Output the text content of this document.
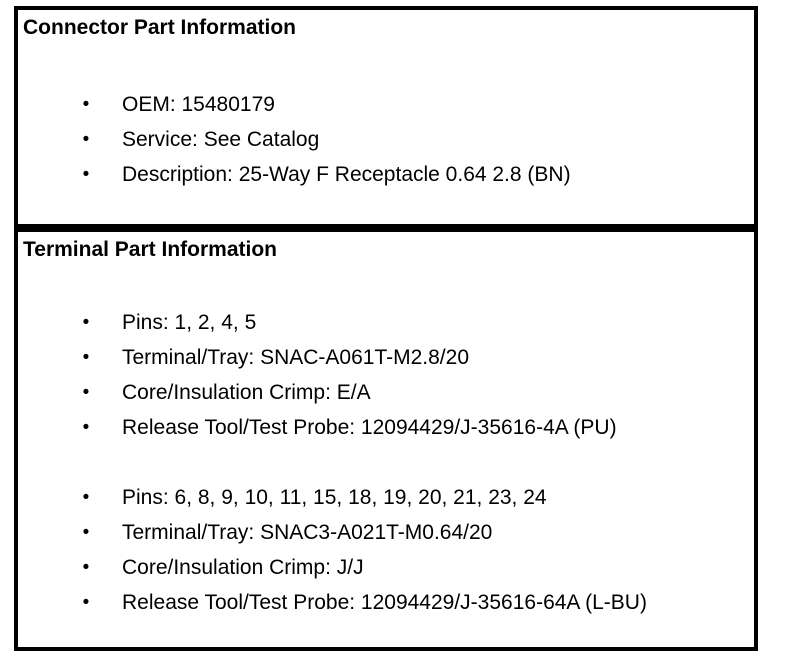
Connector Part Information
•	OEM: 15480179
•	Service: See Catalog
•	Description: 25-Way F Receptacle 0.64 2.8 (BN)
Terminal Part Information
•	Pins: 1, 2, 4, 5
•	Terminal/Tray: SNAC-A061T-M2.8/20
•	Core/Insulation Crimp: E/A
•	Release Tool/Test Probe: 12094429/J-35616-4A (PU)
•	Pins: 6, 8, 9, 10, 11, 15, 18, 19, 20, 21, 23, 24
•	Terminal/Tray: SNAC3-A021T-M0.64/20
•	Core/Insulation Crimp: J/J
•	Release Tool/Test Probe: 12094429/J-35616-64A (L-BU)
